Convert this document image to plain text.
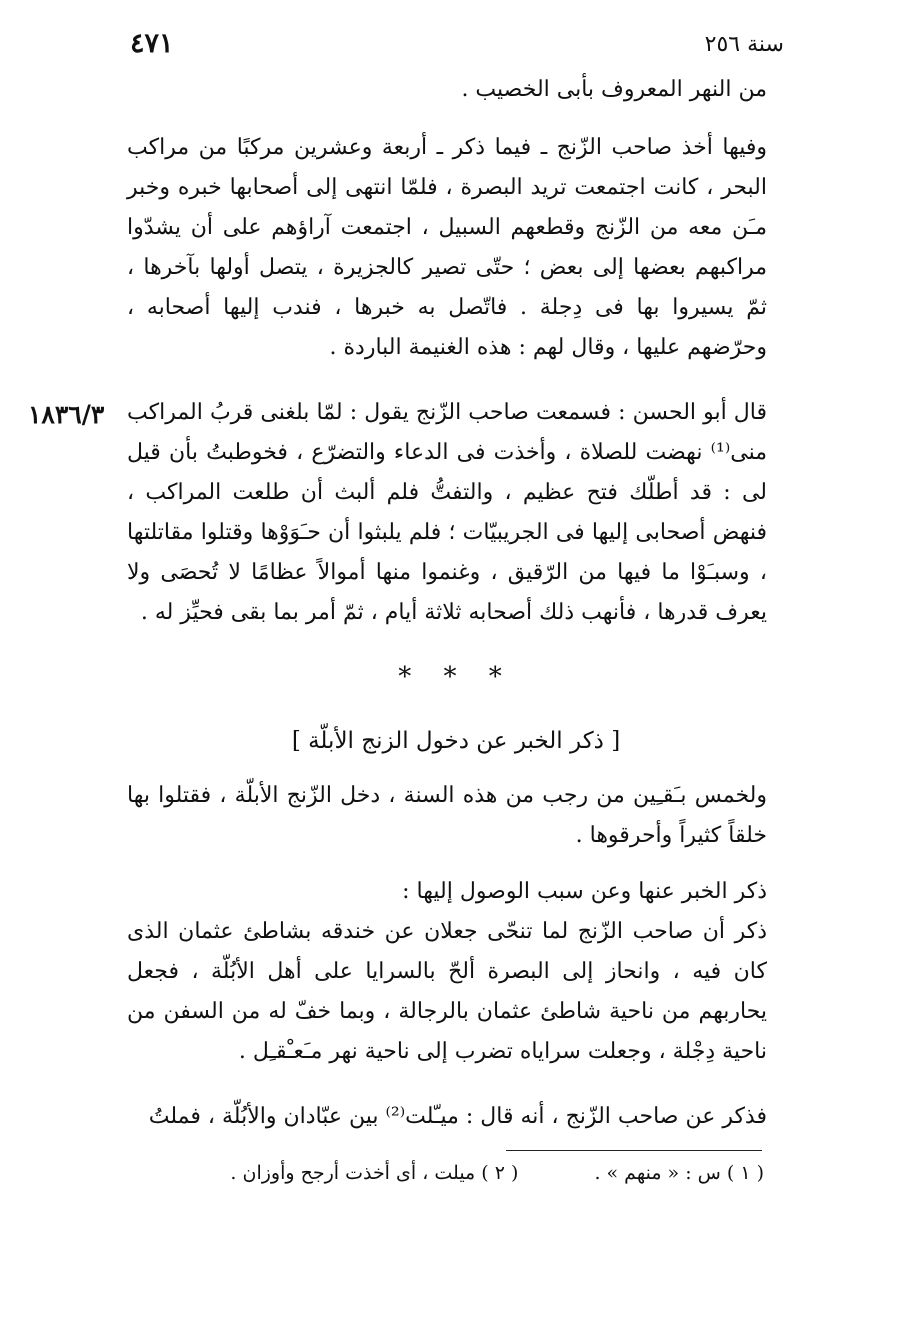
٤٧١	سنة ٢٥٦
١٨٣٦/٣

من النهر المعروف بأبى الخصيب .

وفيها أخذ صاحب الزّنج ـ فيما ذكر ـ أربعة وعشرين مركبًا من مراكب البحر ، كانت اجتمعت تريد البصرة ، فلمّا انتهى إلى أصحابها خبره وخبر مـَن معه من الزّنج وقطعهم السبيل ، اجتمعت آراؤهم على أن يشدّوا مراكبهم بعضها إلى بعض ؛ حتّى تصير كالجزيرة ، يتصل أولها بآخرها ، ثمّ يسيروا بها فى دِجلة . فاتّصل به خبرها ، فندب إليها أصحابه ، وحرّضهم عليها ، وقال لهم : هذه الغنيمة الباردة .

قال أبو الحسن : فسمعت صاحب الزّنج يقول : لمّا بلغنى قربُ المراكب منى⁽¹⁾ نهضت للصلاة ، وأخذت فى الدعاء والتضرّع ، فخوطبتُ بأن قيل لى : قد أطلّك فتح عظيم ، والتفتُّ فلم ألبث أن طلعت المراكب ، فنهض أصحابى إليها فى الجريبيّات ؛ فلم يلبثوا أن حـَوَوْها وقتلوا مقاتلتها ، وسبـَوْا ما فيها من الرّقيق ، وغنموا منها أموالاً عظامًا لا تُحصَى ولا يعرف قدرها ، فأنهب ذلك أصحابه ثلاثة أيام ، ثمّ أمر بما بقى فحيِّز له .

* * *
[ ذكر الخبر عن دخول الزنج الأبلّة ]

ولخمس بـَقـِين من رجب من هذه السنة ، دخل الزّنج الأبلّة ، فقتلوا بها خلقاً كثيراً وأحرقوها .

ذكر الخبر عنها وعن سبب الوصول إليها :

ذكر أن صاحب الزّنج لما تنحّى جعلان عن خندقه بشاطئ عثمان الذى كان فيه ، وانحاز إلى البصرة ألحّ بالسرايا على أهل الأبُلّة ، فجعل يحاربهم من ناحية شاطئ عثمان بالرجالة ، وبما خفّ له من السفن من ناحية دِجْلة ، وجعلت سراياه تضرب إلى ناحية نهر مـَعـْقـِل .

فذكر عن صاحب الزّنج ، أنه قال : ميـّلت⁽²⁾ بين عبّادان والأبُلّة ، فملتُ

( ١ ) س : « منهم » . ( ٢ ) ميلت ، أى أخذت أرجح وأوزان .
